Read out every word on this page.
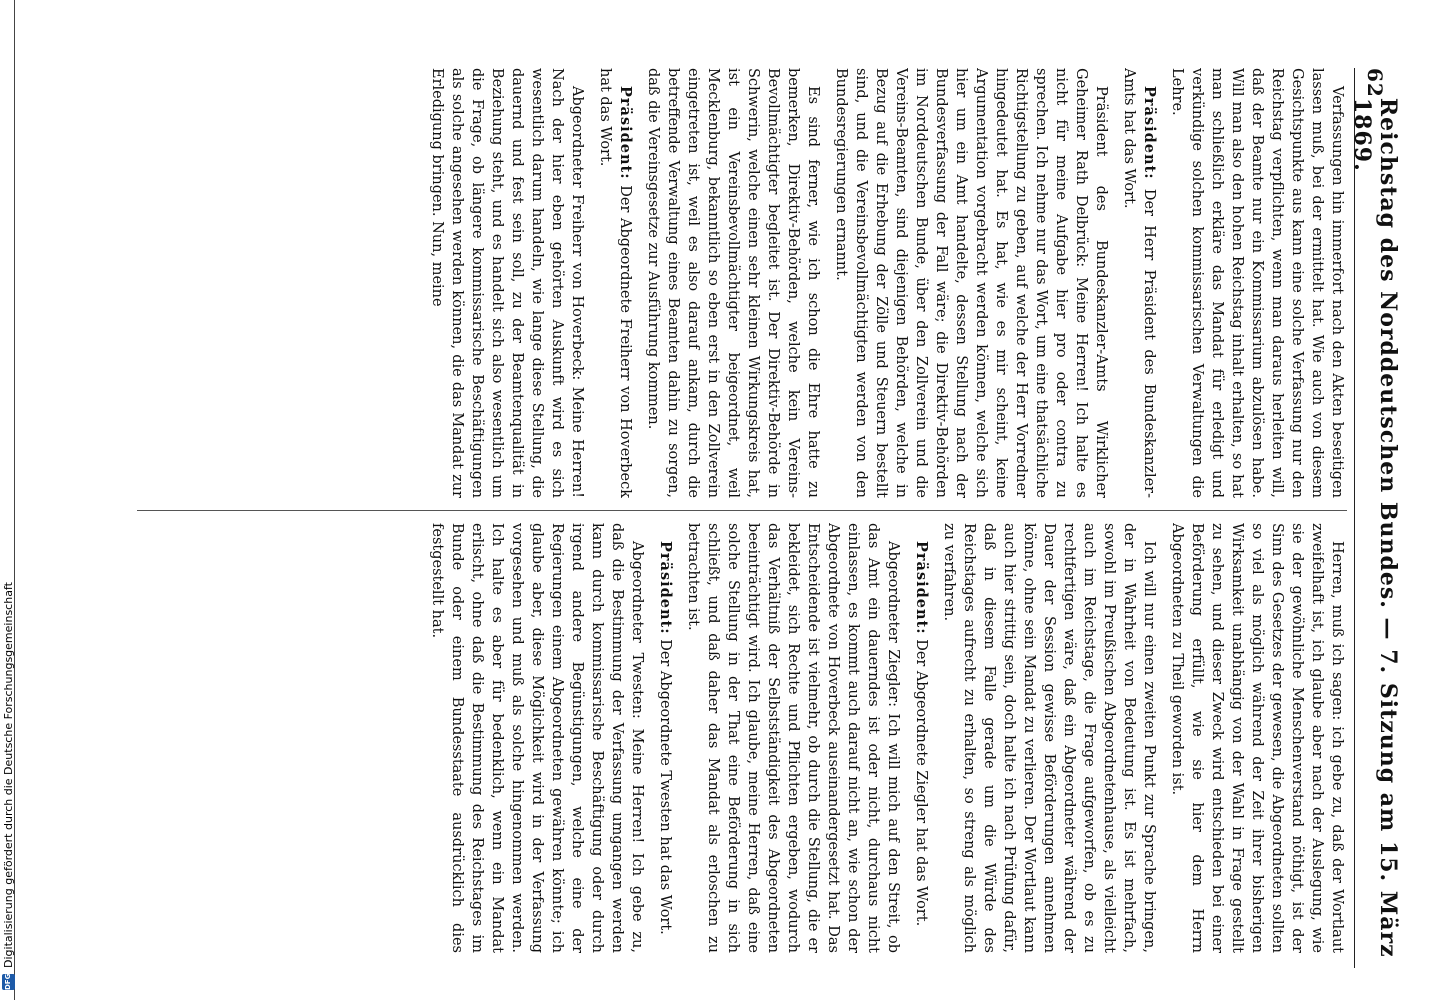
62
Reichstag des Norddeutschen Bundes. — 7. Sitzung am 15. März 1869.

Verfassungen hin immerfort nach den Akten beseitigen lassen muß, bei der ermittelt hat. Wie auch von diesem Gesichtspunkte aus kann eine solche Verfassung nur den Reichstag verpflichten, wenn man daraus herleiten will, daß der Beamte nur ein Kommissarium abzulösen habe. Will man also den hohen Reichstag inhalt erhalten, so hat man schließlich erkläre das Mandat für erledigt und verkündige solchen kommissarischen Verwaltungen die Lehre.

Präsident: Der Herr Präsident des Bundeskanzler-Amts hat das Wort.

Präsident des Bundeskanzler-Amts Wirklicher Geheimer Rath Delbrück: Meine Herren! Ich halte es nicht für meine Aufgabe hier pro oder contra zu sprechen. Ich nehme nur das Wort, um eine thatsächliche Richtigstellung zu geben, auf welche der Herr Vorredner hingedeutet hat. Es hat, wie es mir scheint, keine Argumentation vorgebracht werden können, welche sich hier um ein Amt handelte, dessen Stellung nach der Bundesverfassung der Fall wäre; die Direktiv-Behörden im Norddeutschen Bunde, über den Zollverein und die Vereins-Beamten, sind diejenigen Behörden, welche in Bezug auf die Erhebung der Zölle und Steuern bestellt sind, und die Vereinsbevollmächtigten werden von den Bundesregierungen ernannt.

Es sind ferner, wie ich schon die Ehre hatte zu bemerken, Direktiv-Behörden, welche kein Vereins-Bevollmächtigter begleitet ist. Der Direktiv-Behörde in Schwerin, welche einen sehr kleinen Wirkungskreis hat, ist ein Vereinsbevollmächtigter beigeordnet, weil Mecklenburg, bekanntlich so eben erst in den Zollverein eingetreten ist, weil es also darauf ankam, durch die betreffende Verwaltung eines Beamten dahin zu sorgen, daß die Vereinsgesetze zur Ausführung kommen.

Präsident: Der Abgeordnete Freiherr von Hoverbeck hat das Wort.

Abgeordneter Freiherr von Hoverbeck: Meine Herren! Nach der hier eben gehörten Auskunft wird es sich wesentlich darum handeln, wie lange diese Stellung, die dauernd und fest sein soll, zu der Beamtenqualität in Beziehung steht, und es handelt sich also wesentlich um die Frage, ob längere kommissarische Beschäftigungen als solche angesehen werden können, die das Mandat zur Erledigung bringen. Nun, meine

Herren, muß ich sagen: ich gebe zu, daß der Wortlaut zweifelhaft ist, ich glaube aber nach der Auslegung, wie sie der gewöhnliche Menschenverstand nöthigt, ist der Sinn des Gesetzes der gewesen, die Abgeordneten sollten so viel als möglich während der Zeit ihrer bisherigen Wirksamkeit unabhängig von der Wahl in Frage gestellt zu sehen, und dieser Zweck wird entschieden bei einer Beförderung erfüllt, wie sie hier dem Herrn Abgeordneten zu Theil geworden ist.

Ich will nur einen zweiten Punkt zur Sprache bringen, der in Wahrheit von Bedeutung ist. Es ist mehrfach, sowohl im Preußischen Abgeordnetenhause, als vielleicht auch im Reichstage, die Frage aufgeworfen, ob es zu rechtfertigen wäre, daß ein Abgeordneter während der Dauer der Session gewisse Beförderungen annehmen könne, ohne sein Mandat zu verlieren. Der Wortlaut kann auch hier strittig sein, doch halte ich nach Prüfung dafür, daß in diesem Falle gerade um die Würde des Reichstages aufrecht zu erhalten, so streng als möglich zu verfahren.

Präsident: Der Abgeordnete Ziegler hat das Wort.

Abgeordneter Ziegler: Ich will mich auf den Streit, ob das Amt ein dauerndes ist oder nicht, durchaus nicht einlassen, es kommt auch darauf nicht an, wie schon der Abgeordnete von Hoverbeck auseinandergesetzt hat. Das Entscheidende ist vielmehr, ob durch die Stellung, die er bekleidet, sich Rechte und Pflichten ergeben, wodurch das Verhältniß der Selbstständigkeit des Abgeordneten beeinträchtigt wird. Ich glaube, meine Herren, daß eine solche Stellung in der That eine Beförderung in sich schließt, und daß daher das Mandat als erloschen zu betrachten ist.

Präsident: Der Abgeordnete Twesten hat das Wort.

Abgeordneter Twesten: Meine Herren! Ich gebe zu, daß die Bestimmung der Verfassung umgangen werden kann durch kommissarische Beschäftigung oder durch irgend andere Begünstigungen, welche eine der Regierungen einem Abgeordneten gewähren könnte; ich glaube aber, diese Möglichkeit wird in der Verfassung vorgesehen und muß als solche hingenommen werden. Ich halte es aber für bedenklich, wenn ein Mandat erlischt, ohne daß die Bestimmung des Reichstages im Bunde oder einem Bundesstaate ausdrücklich dies festgestellt hat.

DFG
Digitalisierung gefördert durch die Deutsche Forschungsgemeinschaft
